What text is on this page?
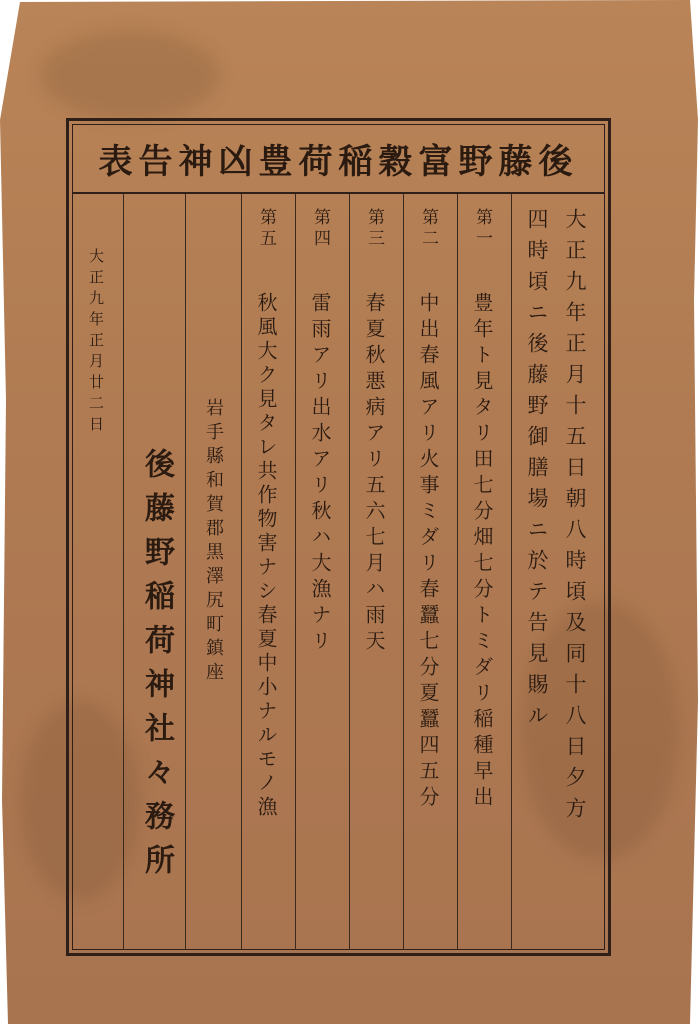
後藤野富穀稲荷豊凶神告表
大正九年正月十五日朝八時頃及同十八日夕方
四時頃ニ後藤野御膳場ニ於テ告見賜ル
第一
豊年ト見タリ田七分畑七分トミダリ稲種早出
第二
中出春風アリ火事ミダリ春蠶七分夏蠶四五分
第三
春夏秋悪病アリ五六七月ハ雨天
第四
雷雨アリ出水アリ秋ハ大漁ナリ
第五
秋風大ク見タレ共作物害ナシ春夏中小ナルモノ漁
岩手縣和賀郡黒澤尻町鎮座
後藤野稲荷神社々務所
大正九年正月廿二日
